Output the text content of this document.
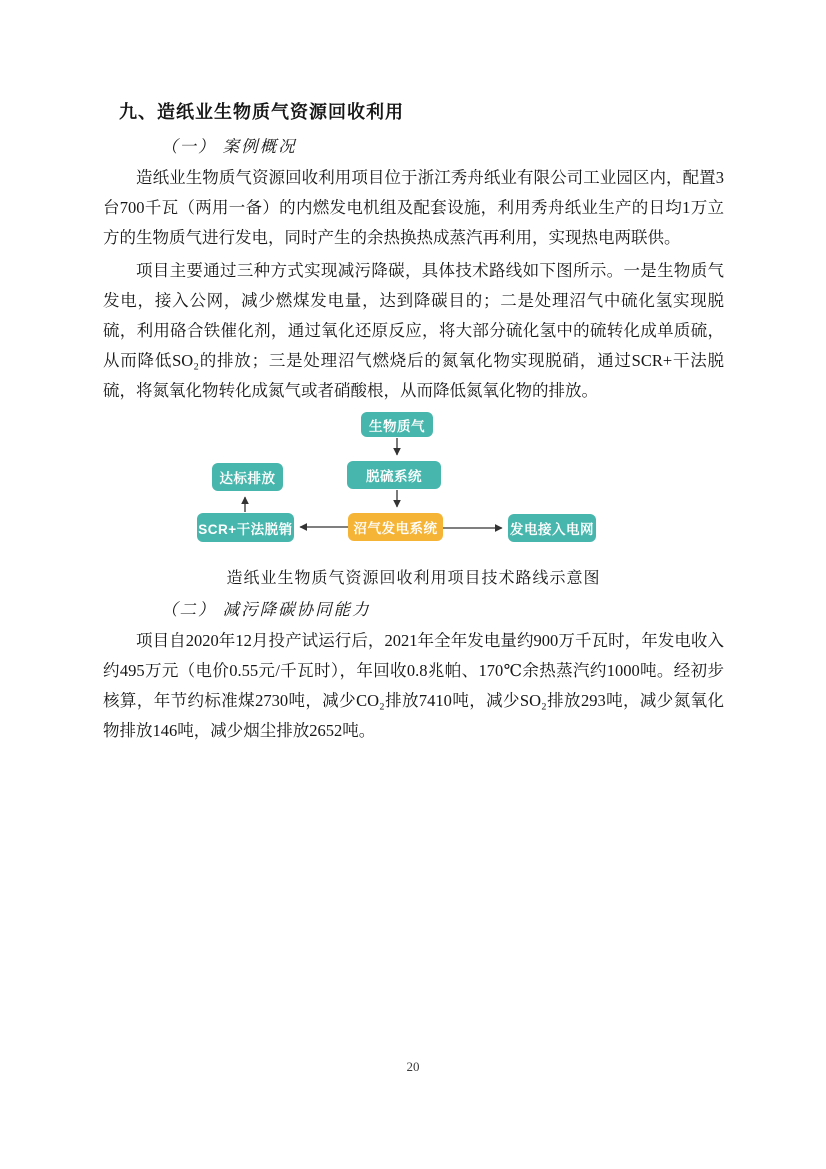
九、造纸业生物质气资源回收利用
（一） 案例概况

造纸业生物质气资源回收利用项目位于浙江秀舟纸业有限公司工业园区内，配置3台700千瓦（两用一备）的内燃发电机组及配套设施，利用秀舟纸业生产的日均1万立方的生物质气进行发电，同时产生的余热换热成蒸汽再利用，实现热电两联供。

项目主要通过三种方式实现减污降碳，具体技术路线如下图所示。一是生物质气发电，接入公网，减少燃煤发电量，达到降碳目的；二是处理沼气中硫化氢实现脱硫，利用硌合铁催化剂，通过氧化还原反应，将大部分硫化氢中的硫转化成单质硫，从而降低SO₂的排放；三是处理沼气燃烧后的氮氧化物实现脱硝，通过SCR+干法脱硫，将氮氧化物转化成氮气或者硝酸根，从而降低氮氧化物的排放。

生物质气
脱硫系统
沼气发电系统
SCR+干法脱销
达标排放
发电接入电网
造纸业生物质气资源回收利用项目技术路线示意图
（二） 减污降碳协同能力

项目自2020年12月投产试运行后，2021年全年发电量约900万千瓦时，年发电收入约495万元（电价0.55元/千瓦时），年回收0.8兆帕、170℃余热蒸汽约1000吨。经初步核算，年节约标准煤2730吨，减少CO₂排放7410吨，减少SO₂排放293吨，减少氮氧化物排放146吨，减少烟尘排放2652吨。

20
